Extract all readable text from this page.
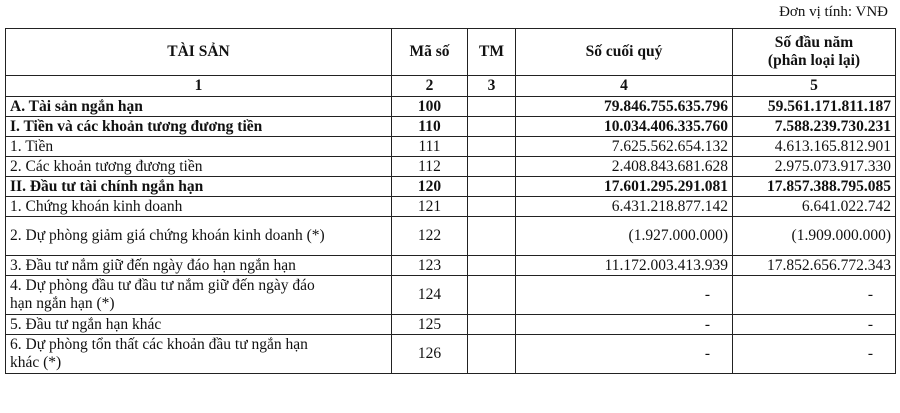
Đơn vị tính: VNĐ
TÀI SẢN	Mã số	TM	Số cuối quý	Số đầu năm
(phân loại lại)

1	2	3	4	5
A. Tài sản ngắn hạn	100		79.846.755.635.796	59.561.171.811.187
I. Tiền và các khoản tương đương tiền	110		10.034.406.335.760	7.588.239.730.231
1. Tiền	111		7.625.562.654.132	4.613.165.812.901
2. Các khoản tương đương tiền	112		2.408.843.681.628	2.975.073.917.330
II. Đầu tư tài chính ngắn hạn	120		17.601.295.291.081	17.857.388.795.085
1. Chứng khoán kinh doanh	121		6.431.218.877.142	6.641.022.742
2. Dự phòng giảm giá chứng khoán kinh doanh (*)	122		(1.927.000.000)	(1.909.000.000)
3. Đầu tư nắm giữ đến ngày đáo hạn ngắn hạn	123		11.172.003.413.939	17.852.656.772.343

4. Dự phòng đầu tư đầu tư nắm giữ đến ngày đáo
hạn ngắn hạn (*)	124		-	-
5. Đầu tư ngắn hạn khác	125		-	-

6. Dự phòng tổn thất các khoản đầu tư ngắn hạn
khác (*)	126		-	-
